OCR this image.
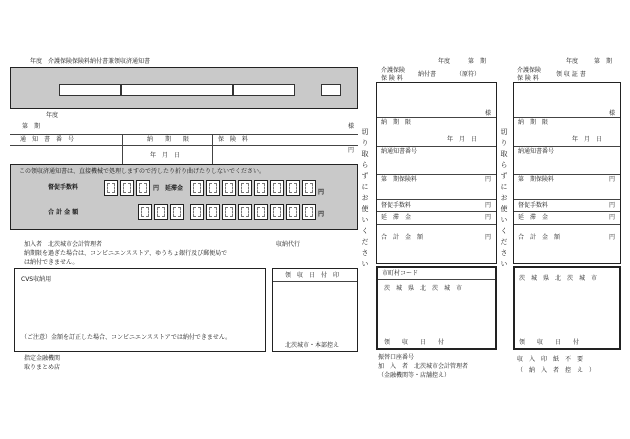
年度　介護保険保険料納付書兼領収済通知書
年度
第　期	様
通　知　書　番　号	納　　期　　限	保　険　料
年　月　日
円
この領収済通知書は、直接機械で処理しますので汚したり折り曲げたりしないでください。
督促手数料	円 延滞金
円
合 計 金 額	円
加入者　北茨城市会計管理者	収納代行
納期限を過ぎた場合は、コンビニエンスストア、ゆうちょ銀行及び郵便局で
は納付できません。
CVS収納用
（ご注意）金額を訂正した場合、コンビニエンスストアでは納付できません。
領　収　日　付　印
北茨城市・本部控え
指定金融機関
取りまとめ店
切り取らずにお使いください	切り取らずにお使いください
年度	第　期
介護保険
保 険 料
納付書	（原符）
様
納　期　限
年　月　日
納通知書番号
第　期保険料	円
督促手数料	円
延　滞　金	円
合　計　金　額	円
市町村コード
茨　城　県　北　茨　城　市
領　　収　　日　　付
振替口座番号
加　入　者　北茨城市会計管理者
（金融機関等・店舗控え）
年度	第　期
介護保険
保 険 料
領 収 証 書
様
納　期　限
年　月　日
納通知書番号
第　期保険料	円
督促手数料	円
延　滞　金	円
合　計　金　額	円
茨　城　県　北　茨　城　市
領　　収　　日　　付
収　入　印　紙　不　要
（　納　入　者　控　え　）
